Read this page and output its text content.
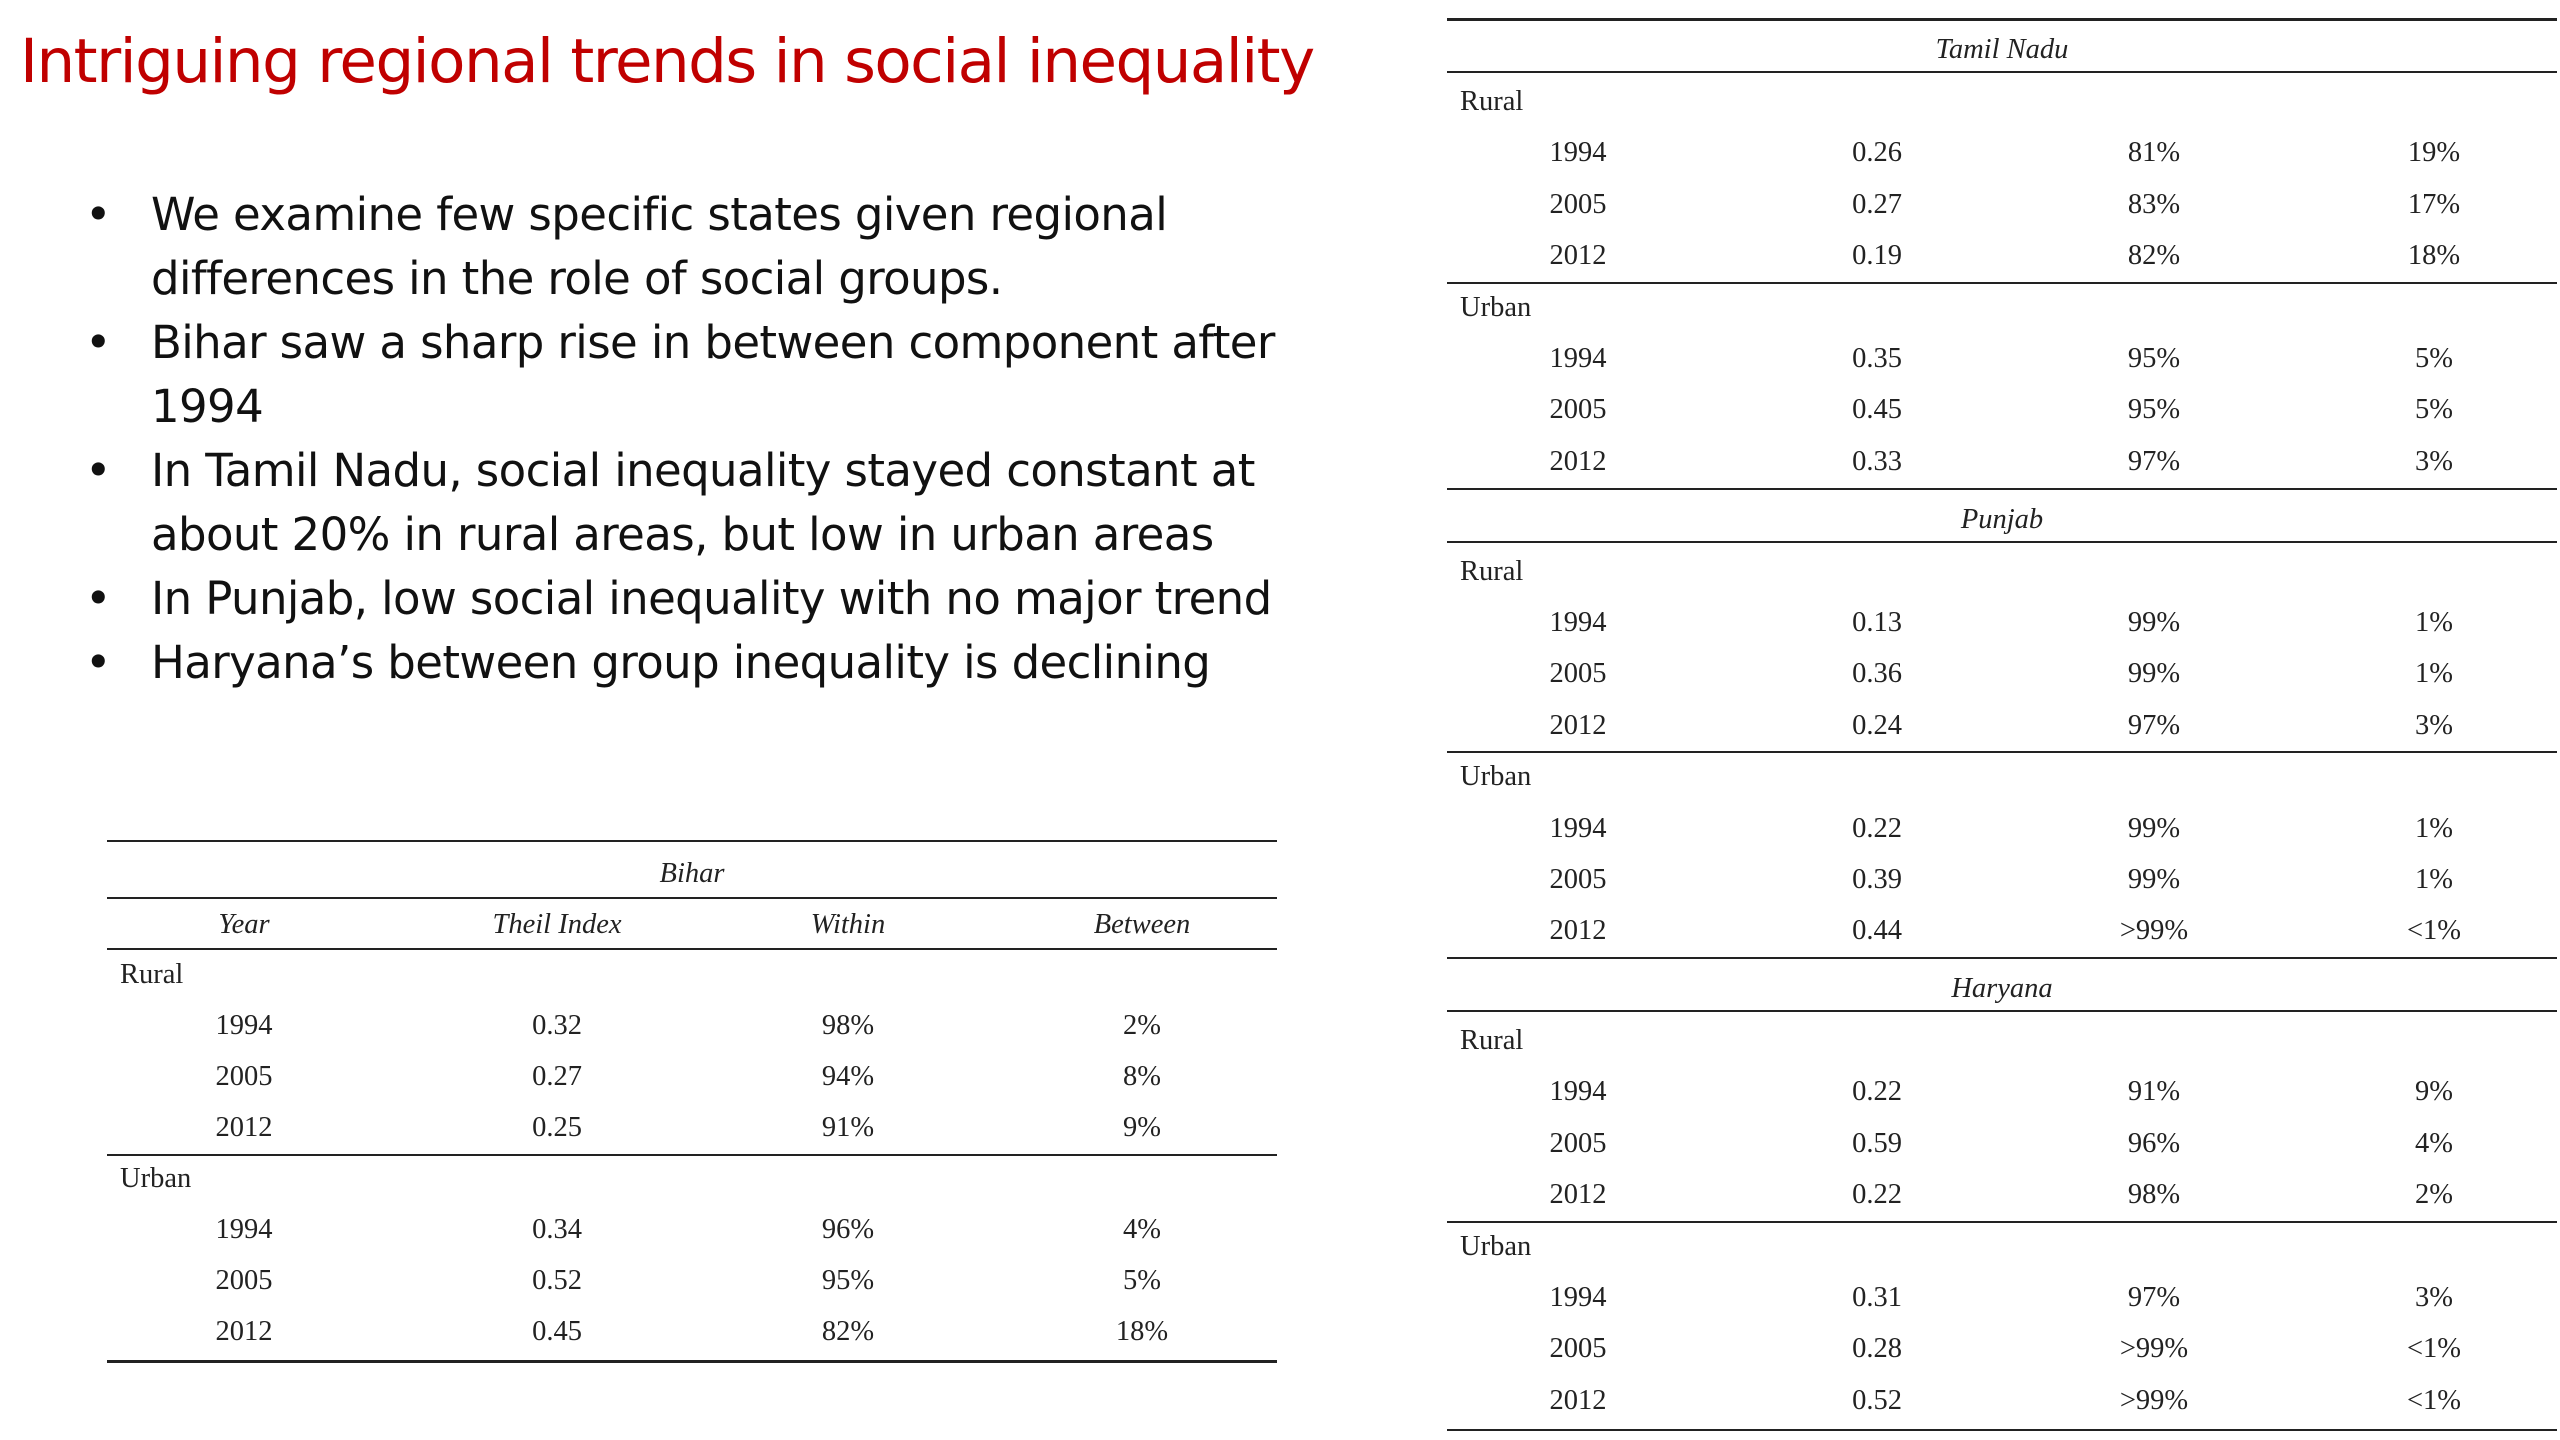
Intriguing regional trends in social inequality
• We examine few specific states given regional differences in the role of social groups.
• Bihar saw a sharp rise in between component after 1994
• In Tamil Nadu, social inequality stayed constant at about 20% in rural areas, but low in urban areas
• In Punjab, low social inequality with no major trend
• Haryana’s between group inequality is declining
Bihar
Year	Theil Index	Within	Between
Rural
1994	0.32	98%	2%
2005	0.27	94%	8%
2012	0.25	91%	9%
Urban
1994	0.34	96%	4%
2005	0.52	95%	5%
2012	0.45	82%	18%
Tamil Nadu
Rural
1994	0.26	81%	19%
2005	0.27	83%	17%
2012	0.19	82%	18%
Urban
1994	0.35	95%	5%
2005	0.45	95%	5%
2012	0.33	97%	3%
Punjab
Rural
1994	0.13	99%	1%
2005	0.36	99%	1%
2012	0.24	97%	3%
Urban
1994	0.22	99%	1%
2005	0.39	99%	1%
2012	0.44	>99%	<1%
Haryana
Rural
1994	0.22	91%	9%
2005	0.59	96%	4%
2012	0.22	98%	2%
Urban
1994	0.31	97%	3%
2005	0.28	>99%	<1%
2012	0.52	>99%	<1%
